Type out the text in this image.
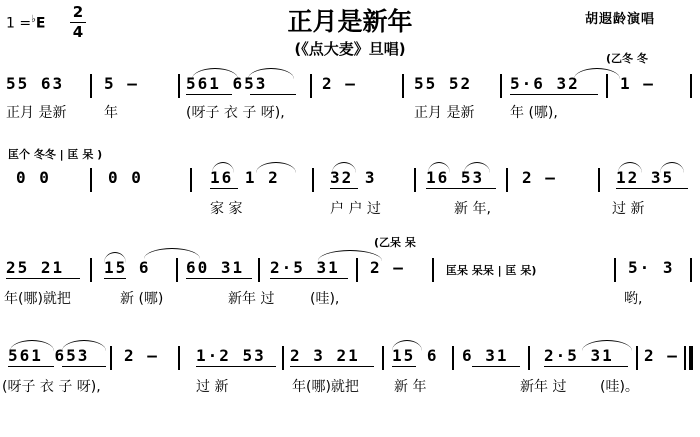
1 =♭E
2
4	正月是新年
(《点大麦》旦唱)
胡遐龄演唱
(乙冬 冬
55 63 5 –	561 653	2 –	55 52 5·6 32	1 –
正月 是新	年	(呀子 衣 子 呀),	正月 是新	年 (哪),
匡个 冬冬 | 匡 呆 )
0 0	0 0	16 1 2	32 3	16 53 2 –	12 35
家 家	户 户 过	新 年,	过 新
(乙呆 呆
匡呆 呆呆 | 匡 呆)
25 21 15 6 60 31 2·5 31 2 –	5· 3
年(哪)就把	新 (哪)	新年 过	(哇),	哟,
561 653 2 – 1·2 53 2 3 21 15 6 6 31 2·5 31 2 –
(呀子 衣 子 呀),	过 新	年(哪)就把	新 年	新年 过 (哇)。
